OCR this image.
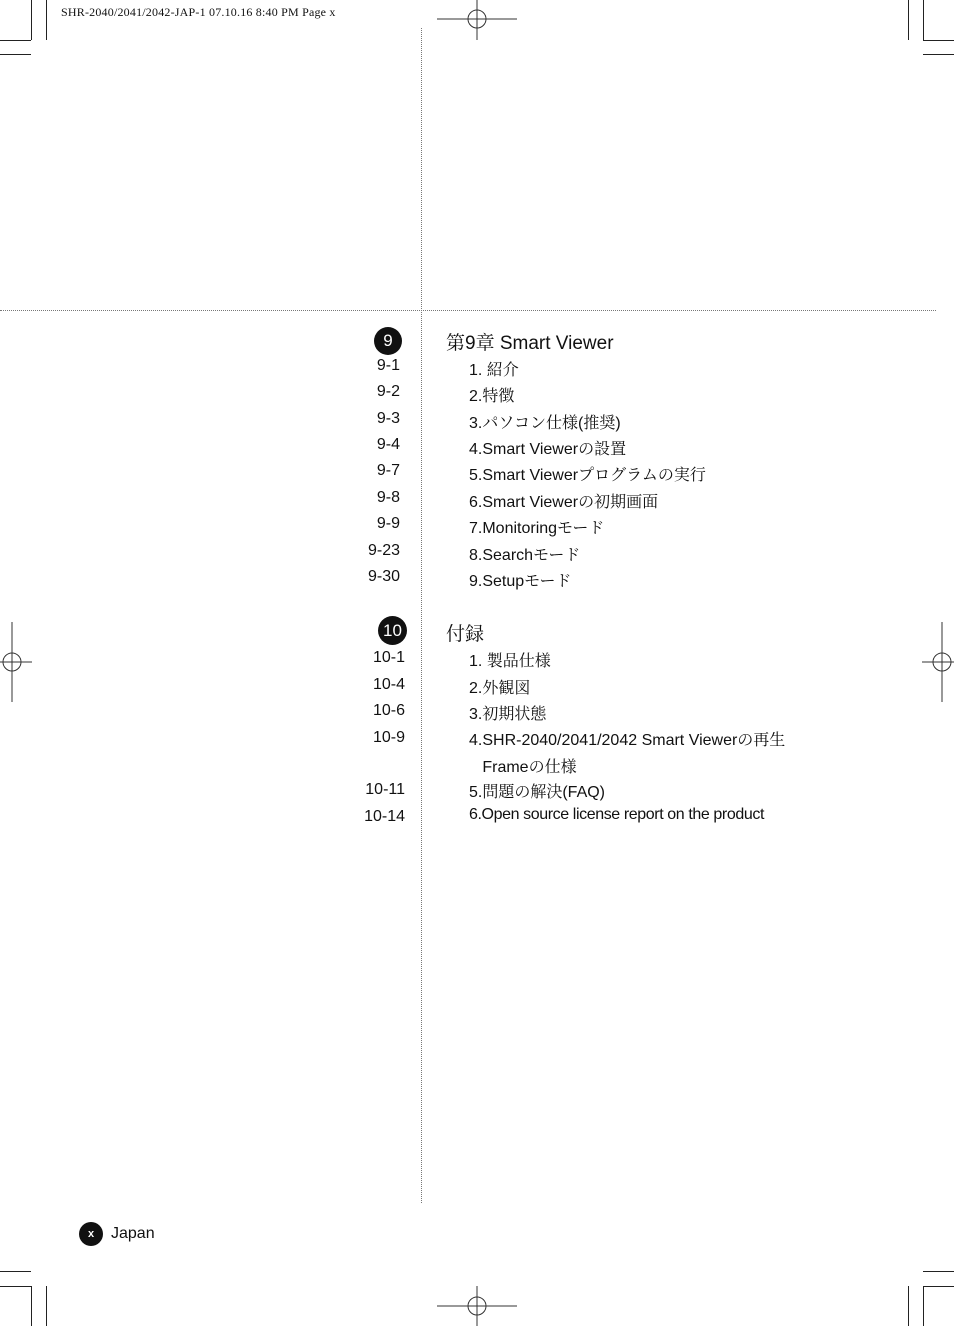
SHR-2040/2041/2042-JAP-1 07.10.16 8:40 PM Page x
9	第9章 Smart Viewer
9-1	1. 紹介
9-2	2.特徴
9-3	3.パソコン仕様(推奨)
9-4	4.Smart Viewerの設置
9-7	5.Smart Viewerプログラムの実行
9-8	6.Smart Viewerの初期画面
9-9	7.Monitoringモード
9-23	8.Searchモード
9-30	9.Setupモード
10 付録
10-1	1. 製品仕様
10-4	2.外観図
10-6	3.初期状態
10-9	4.SHR-2040/2041/2042 Smart Viewerの再生
Frameの仕様
10-11	5.問題の解決(FAQ)
10-14	6.Open source license report on the product
x	Japan
